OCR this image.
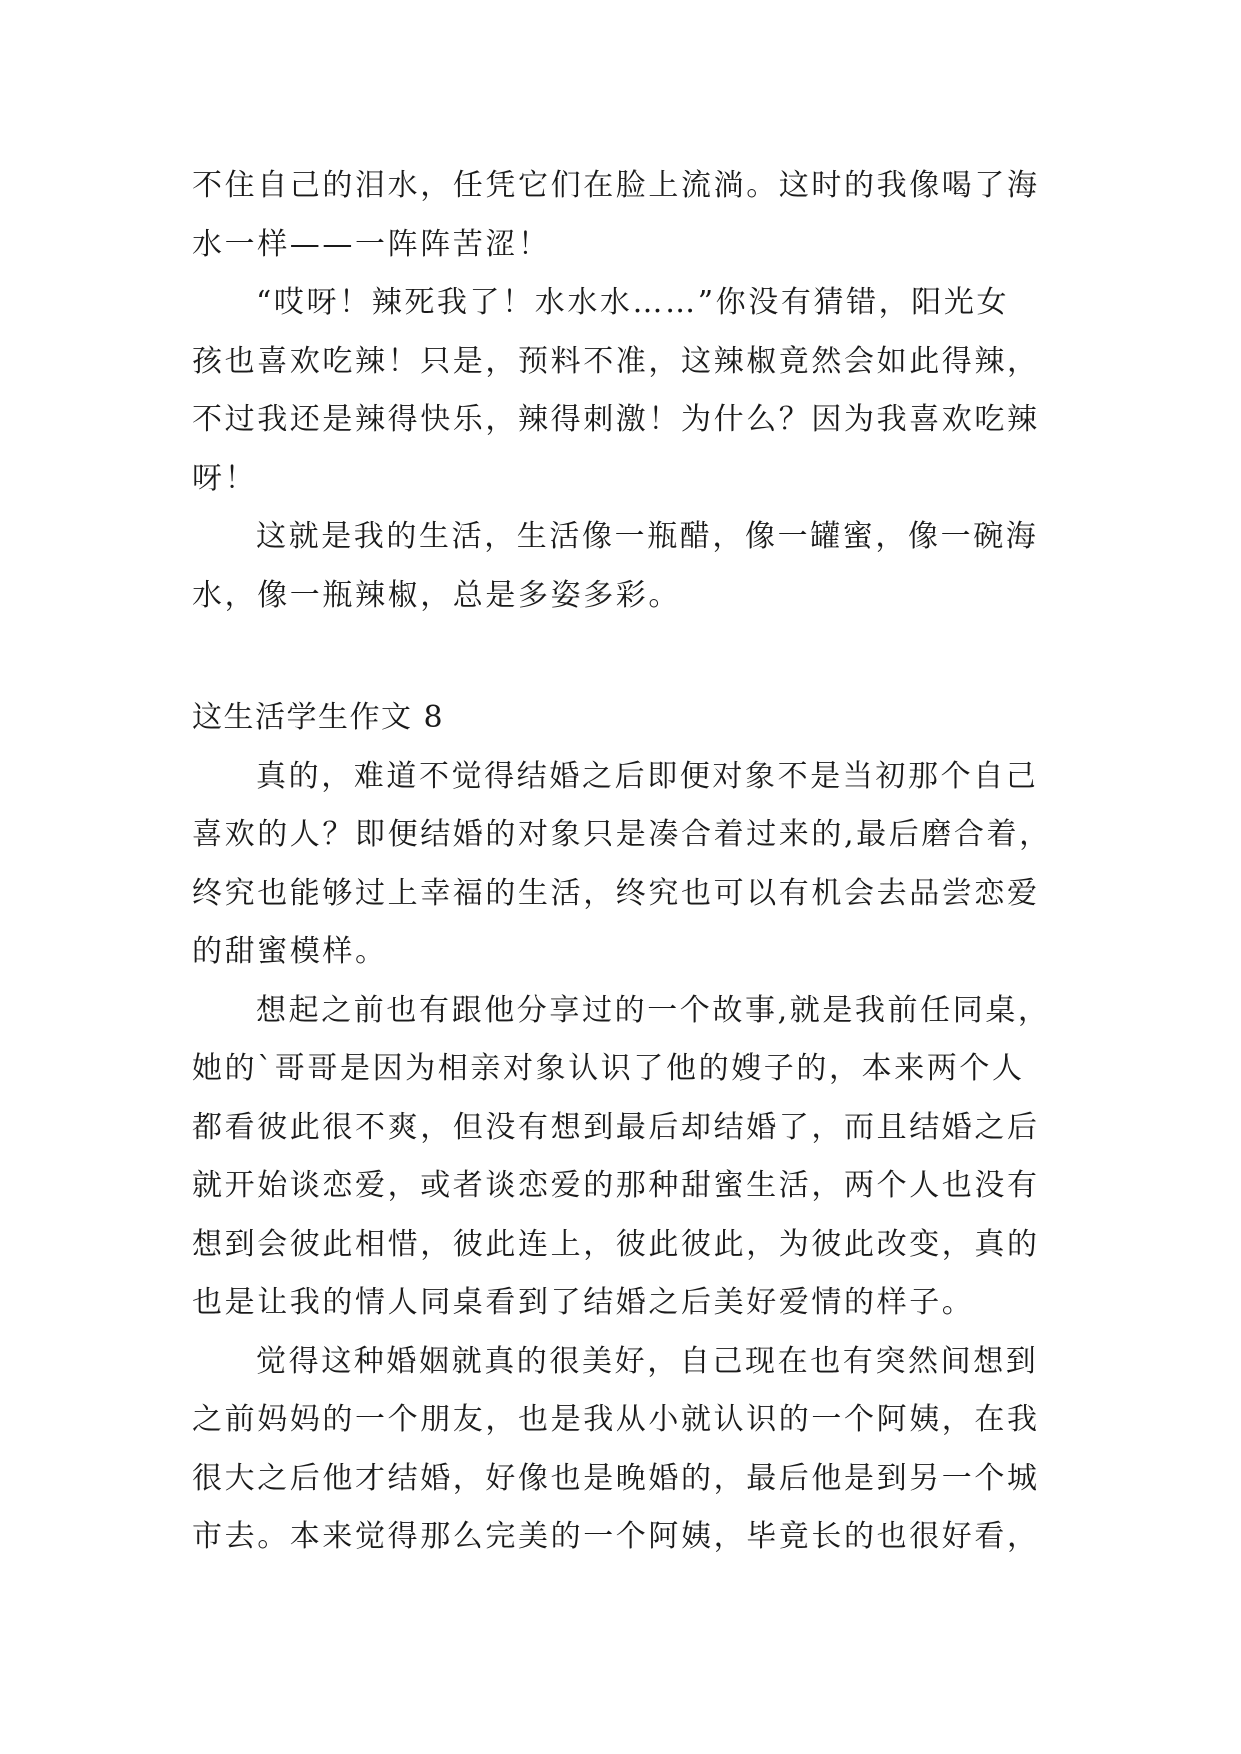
不住自己的泪水，任凭它们在脸上流淌。这时的我像喝了海
水一样——一阵阵苦涩！
“哎呀！辣死我了！水水水……”你没有猜错，阳光女
孩也喜欢吃辣！只是，预料不准，这辣椒竟然会如此得辣，
不过我还是辣得快乐，辣得刺激！为什么？因为我喜欢吃辣
呀！
这就是我的生活，生活像一瓶醋，像一罐蜜，像一碗海
水，像一瓶辣椒，总是多姿多彩。
这生活学生作文 8
真的，难道不觉得结婚之后即便对象不是当初那个自己
喜欢的人？即便结婚的对象只是凑合着过来的,最后磨合着，
终究也能够过上幸福的生活，终究也可以有机会去品尝恋爱
的甜蜜模样。
想起之前也有跟他分享过的一个故事,就是我前任同桌，
她的`哥哥是因为相亲对象认识了他的嫂子的，本来两个人
都看彼此很不爽，但没有想到最后却结婚了，而且结婚之后
就开始谈恋爱，或者谈恋爱的那种甜蜜生活，两个人也没有
想到会彼此相惜，彼此连上，彼此彼此，为彼此改变，真的
也是让我的情人同桌看到了结婚之后美好爱情的样子。
觉得这种婚姻就真的很美好，自己现在也有突然间想到
之前妈妈的一个朋友，也是我从小就认识的一个阿姨，在我
很大之后他才结婚，好像也是晚婚的，最后他是到另一个城
市去。本来觉得那么完美的一个阿姨，毕竟长的也很好看，
